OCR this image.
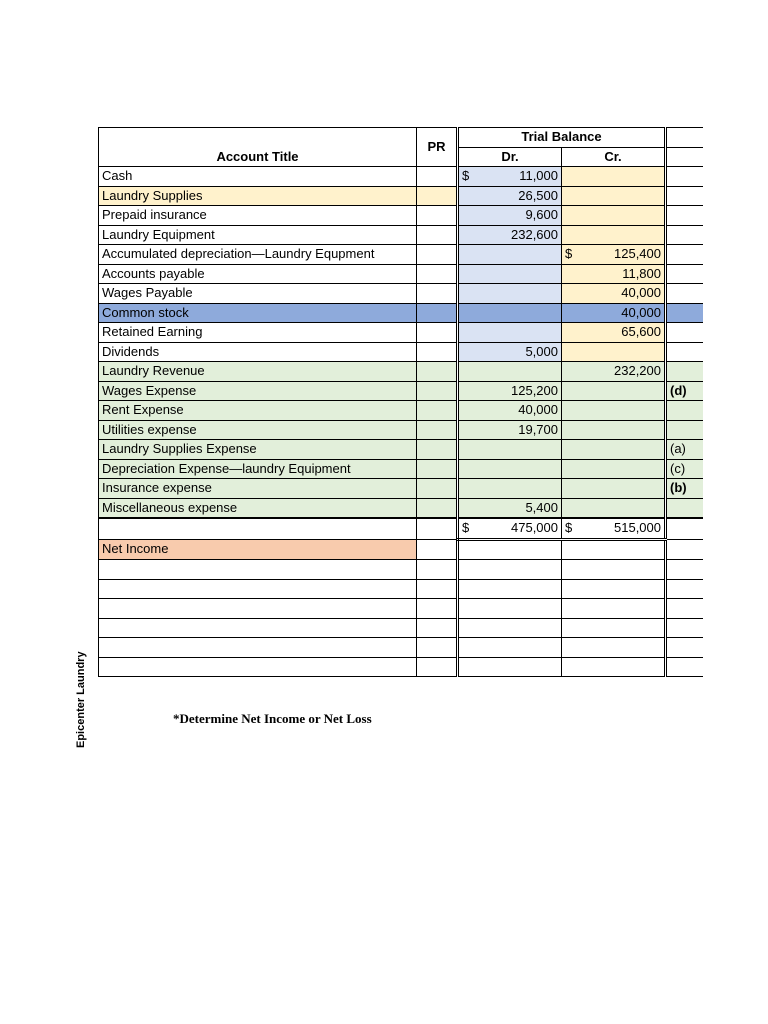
Account Title	PR	Trial Balance		
		Dr.	Cr.	
Cash		$ 11,000	

Laundry Supplies		26,500	

Prepaid insurance		9,600	

Laundry Equipment		232,600	

Accumulated depreciation—Laundry Equpment			$ 125,400	
Accounts payable			11,800	
Wages Payable			40,000	
Common stock			40,000	
Retained Earning			65,600	
Dividends		5,000	

Laundry Revenue			232,200	
Wages Expense		125,200		(d)
Rent Expense		40,000	

Utilities expense		19,700	

Laundry Supplies Expense				(a)
Depreciation Expense—laundry Equipment				(c)
Insurance expense				(b)
Miscellaneous expense		5,400	

		$ 475,000	$ 515,000	
Net Income				

Epicenter Laundry	*Determine Net Income or Net Loss
